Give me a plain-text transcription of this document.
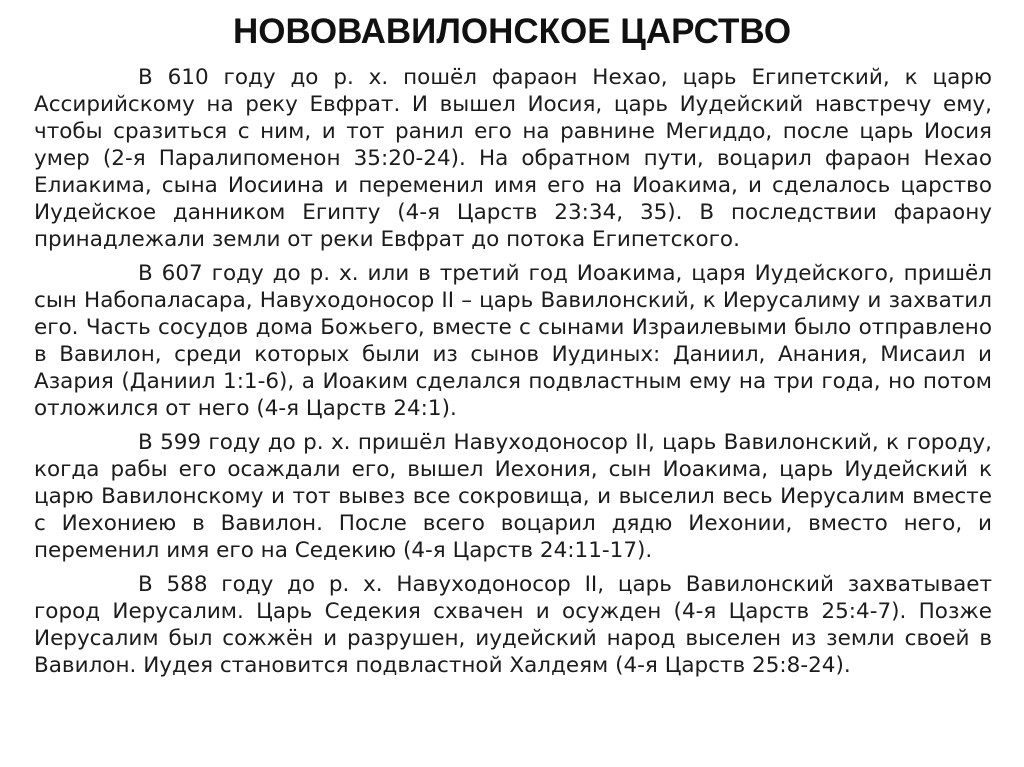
НОВОВАВИЛОНСКОЕ ЦАРСТВО

В 610 году до р. х. пошёл фараон Нехао, царь Египетский, к царю Ассирийскому на реку Евфрат. И вышел Иосия, царь Иудейский навстречу ему, чтобы сразиться с ним, и тот ранил его на равнине Мегиддо, после царь Иосия умер (2-я Паралипоменон 35:20-24). На обратном пути, воцарил фараон Нехао Елиакима, сына Иосиина и переменил имя его на Иоакима, и сделалось царство Иудейское данником Египту (4-я Царств 23:34, 35). В последствии фараону принадлежали земли от реки Евфрат до потока Египетского.

В 607 году до р. х. или в третий год Иоакима, царя Иудейского, пришёл сын Набопаласара, Навуходоносор II – царь Вавилонский, к Иерусалиму и захватил его. Часть сосудов дома Божьего, вместе с сынами Израилевыми было отправлено в Вавилон, среди которых были из сынов Иудиных: Даниил, Анания, Мисаил и Азария (Даниил 1:1-6), а Иоаким сделался подвластным ему на три года, но потом отложился от него (4-я Царств 24:1).

В 599 году до р. х. пришёл Навуходоносор II, царь Вавилонский, к городу, когда рабы его осаждали его, вышел Иехония, сын Иоакима, царь Иудейский к царю Вавилонскому и тот вывез все сокровища, и выселил весь Иерусалим вместе с Иехониею в Вавилон. После всего воцарил дядю Иехонии, вместо него, и переменил имя его на Седекию (4-я Царств 24:11-17).

В 588 году до р. х. Навуходоносор II, царь Вавилонский захватывает город Иерусалим. Царь Седекия схвачен и осужден (4-я Царств 25:4-7). Позже Иерусалим был сожжён и разрушен, иудейский народ выселен из земли своей в Вавилон. Иудея становится подвластной Халдеям (4-я Царств 25:8-24).
